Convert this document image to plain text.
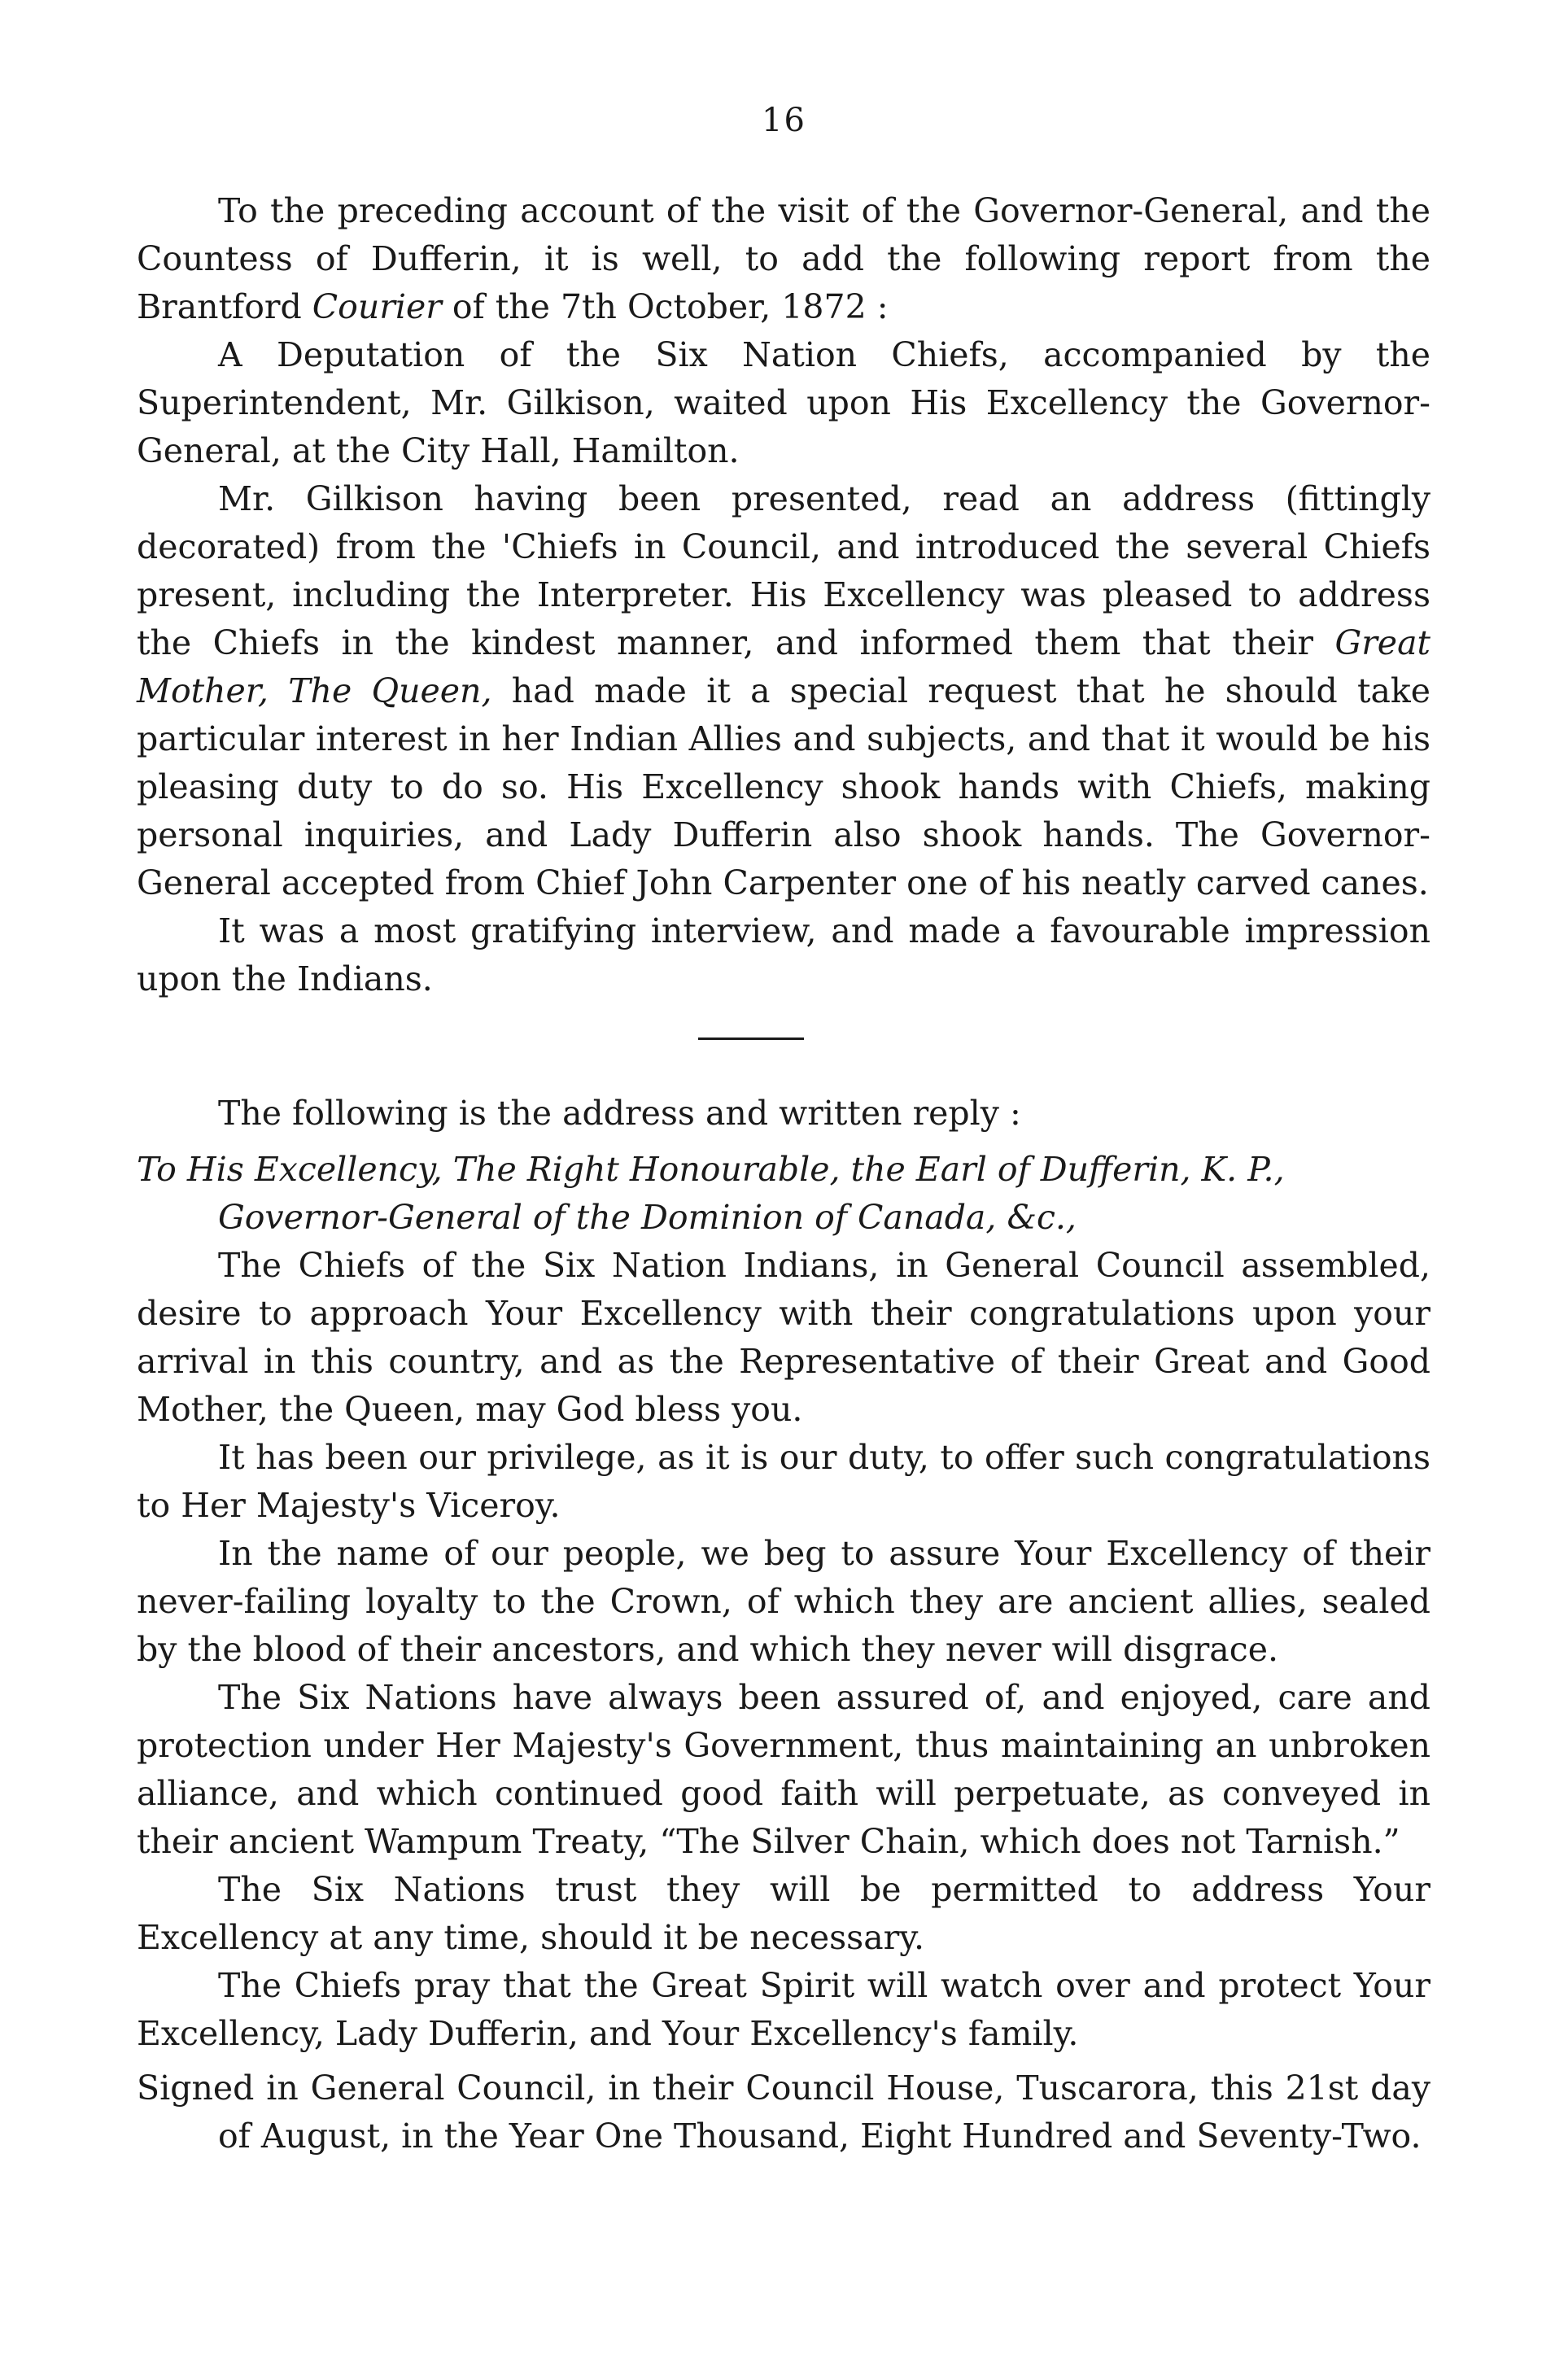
16

To the preceding account of the visit of the Governor-General, and the Countess of Dufferin, it is well, to add the following report from the Brantford Courier of the 7th October, 1872 :

A Deputation of the Six Nation Chiefs, accompanied by the Superintendent, Mr. Gilkison, waited upon His Excellency the Governor-General, at the City Hall, Hamilton.

Mr. Gilkison having been presented, read an address (fittingly decorated) from the 'Chiefs in Council, and introduced the several Chiefs present, including the Interpreter. His Excellency was pleased to address the Chiefs in the kindest manner, and informed them that their Great Mother, The Queen, had made it a special request that he should take particular interest in her Indian Allies and subjects, and that it would be his pleasing duty to do so. His Excellency shook hands with Chiefs, making personal inquiries, and Lady Dufferin also shook hands. The Governor-General accepted from Chief John Carpenter one of his neatly carved canes.

It was a most gratifying interview, and made a favourable impression upon the Indians.

The following is the address and written reply :

To His Excellency, The Right Honourable, the Earl of Dufferin, K. P., Governor-General of the Dominion of Canada, &c.,

The Chiefs of the Six Nation Indians, in General Council assembled, desire to approach Your Excellency with their congratulations upon your arrival in this country, and as the Representative of their Great and Good Mother, the Queen, may God bless you.

It has been our privilege, as it is our duty, to offer such congratulations to Her Majesty's Viceroy.

In the name of our people, we beg to assure Your Excellency of their never-failing loyalty to the Crown, of which they are ancient allies, sealed by the blood of their ancestors, and which they never will disgrace.

The Six Nations have always been assured of, and enjoyed, care and protection under Her Majesty's Government, thus maintaining an unbroken alliance, and which continued good faith will perpetuate, as conveyed in their ancient Wampum Treaty, “The Silver Chain, which does not Tarnish.”

The Six Nations trust they will be permitted to address Your Excellency at any time, should it be necessary.

The Chiefs pray that the Great Spirit will watch over and protect Your Excellency, Lady Dufferin, and Your Excellency's family.

Signed in General Council, in their Council House, Tuscarora, this 21st day of August, in the Year One Thousand, Eight Hundred and Seventy-Two.
